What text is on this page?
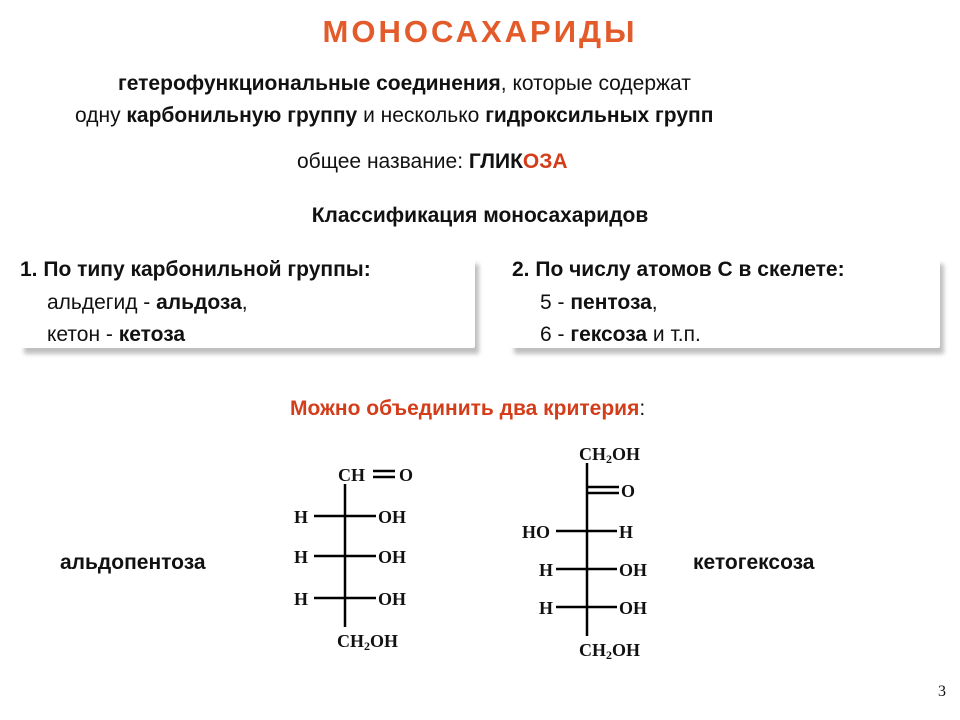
МОНОСАХАРИДЫ
гетерофункциональные соединения, которые содержат
одну карбонильную группу и несколько гидроксильных групп
общее название: ГЛИКОЗА
Классификация моносахаридов
1. По типу карбонильной группы:
альдегид - альдоза,
кетон - кетоза
2. По числу атомов С в скелете:
5 - пентоза,
6 - гексоза и т.п.
Можно объединить два критерия:
альдопентоза	кетогексоза
CH O
H	OH
H	OH
H	OH
$CH_2OH$
$CH_2OH$
O
HO	H
H	OH
H	OH
$CH_2OH$
3
